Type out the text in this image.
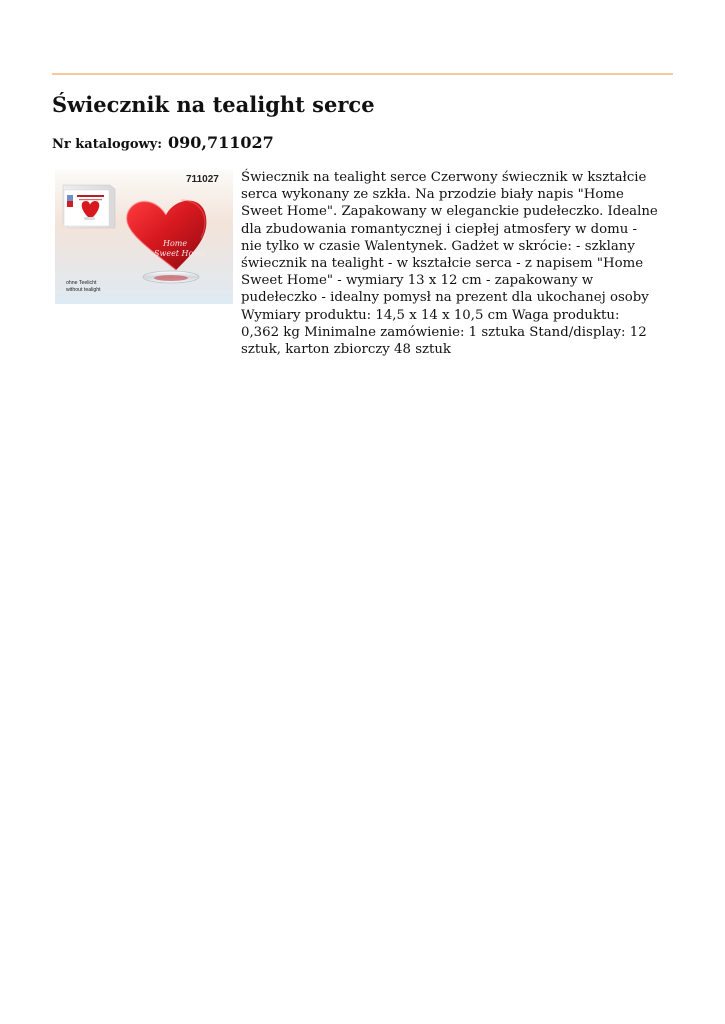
Świecznik na tealight serce
Nr katalogowy: 090,711027
711027
Home
Sweet Home
ohne Teelicht
without tealight

Świecznik na tealight serce Czerwony świecznik w kształcie serca wykonany ze szkła. Na przodzie biały napis "Home Sweet Home". Zapakowany w eleganckie pudełeczko. Idealne dla zbudowania romantycznej i ciepłej atmosfery w domu - nie tylko w czasie Walentynek. Gadżet w skrócie: - szklany świecznik na tealight - w kształcie serca - z napisem "Home Sweet Home" - wymiary 13 x 12 cm - zapakowany w pudełeczko - idealny pomysł na prezent dla ukochanej osoby Wymiary produktu: 14,5 x 14 x 10,5 cm Waga produktu: 0,362 kg Minimalne zamówienie: 1 sztuka Stand/display: 12 sztuk, karton zbiorczy 48 sztuk
